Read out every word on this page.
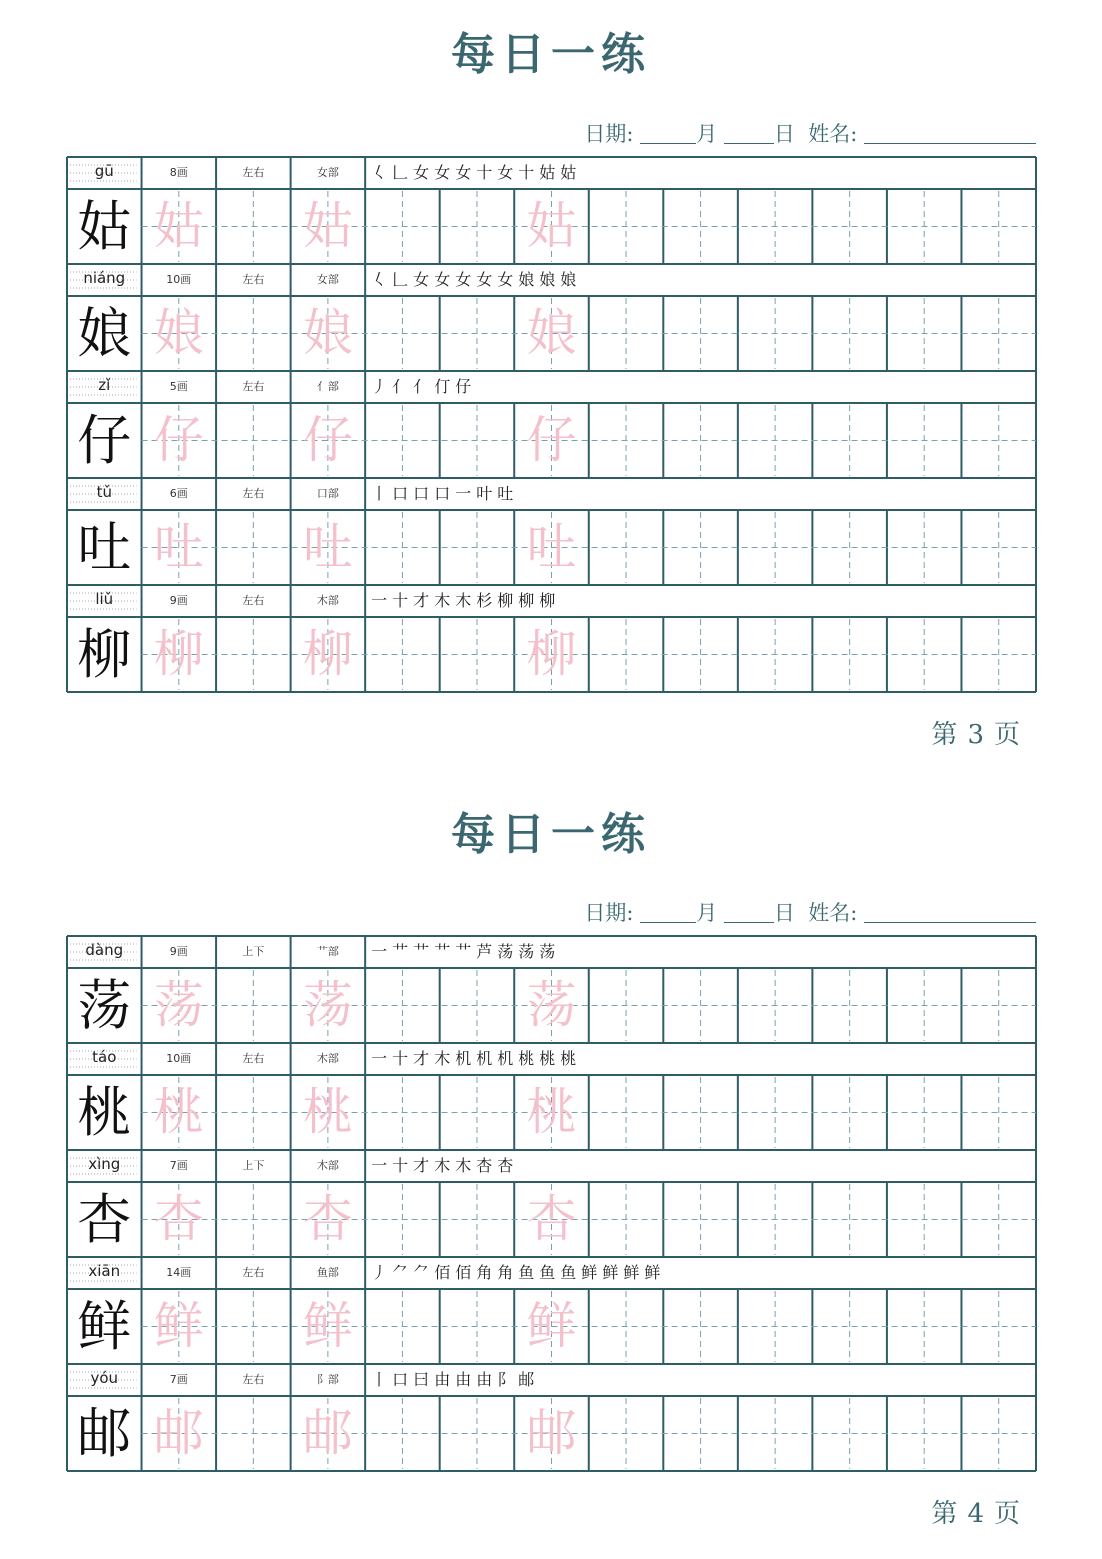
每日一练
日期:	月	日 姓名:
gū	8画	左右	女部	𡿨𠃊女女女十女十姑姑
姑 姑 姑	姑
niáng	10画	左右	女部	𡿨𠃊女女女女女娘娘娘
娘 娘 娘	娘
zǐ	5画	左右	亻部	丿亻亻仃仔
仔 仔 仔	仔
tǔ	6画	左右	口部	丨口口口一叶吐
吐 吐 吐	吐
liǔ	9画	左右	木部	一十才木木杉柳柳柳
柳 柳 柳	柳
第3页
每日一练
日期:	月	日 姓名:
dàng	9画	上下	艹部	一艹艹艹艹芦荡荡荡
荡 荡 荡	荡
táo	10画	左右	木部	一十才木机机机桃桃桃
桃 桃 桃	桃
xìng	7画	上下	木部	一十才木木杏杏
杏 杏 杏	杏
xiān	14画	左右	鱼部	丿⺈⺈佰佰角角鱼鱼鱼鲜鲜鲜鲜
鲜 鲜 鲜	鲜
yóu	7画	左右	阝部	丨口曰由由由阝邮
邮 邮 邮	邮
第4页
